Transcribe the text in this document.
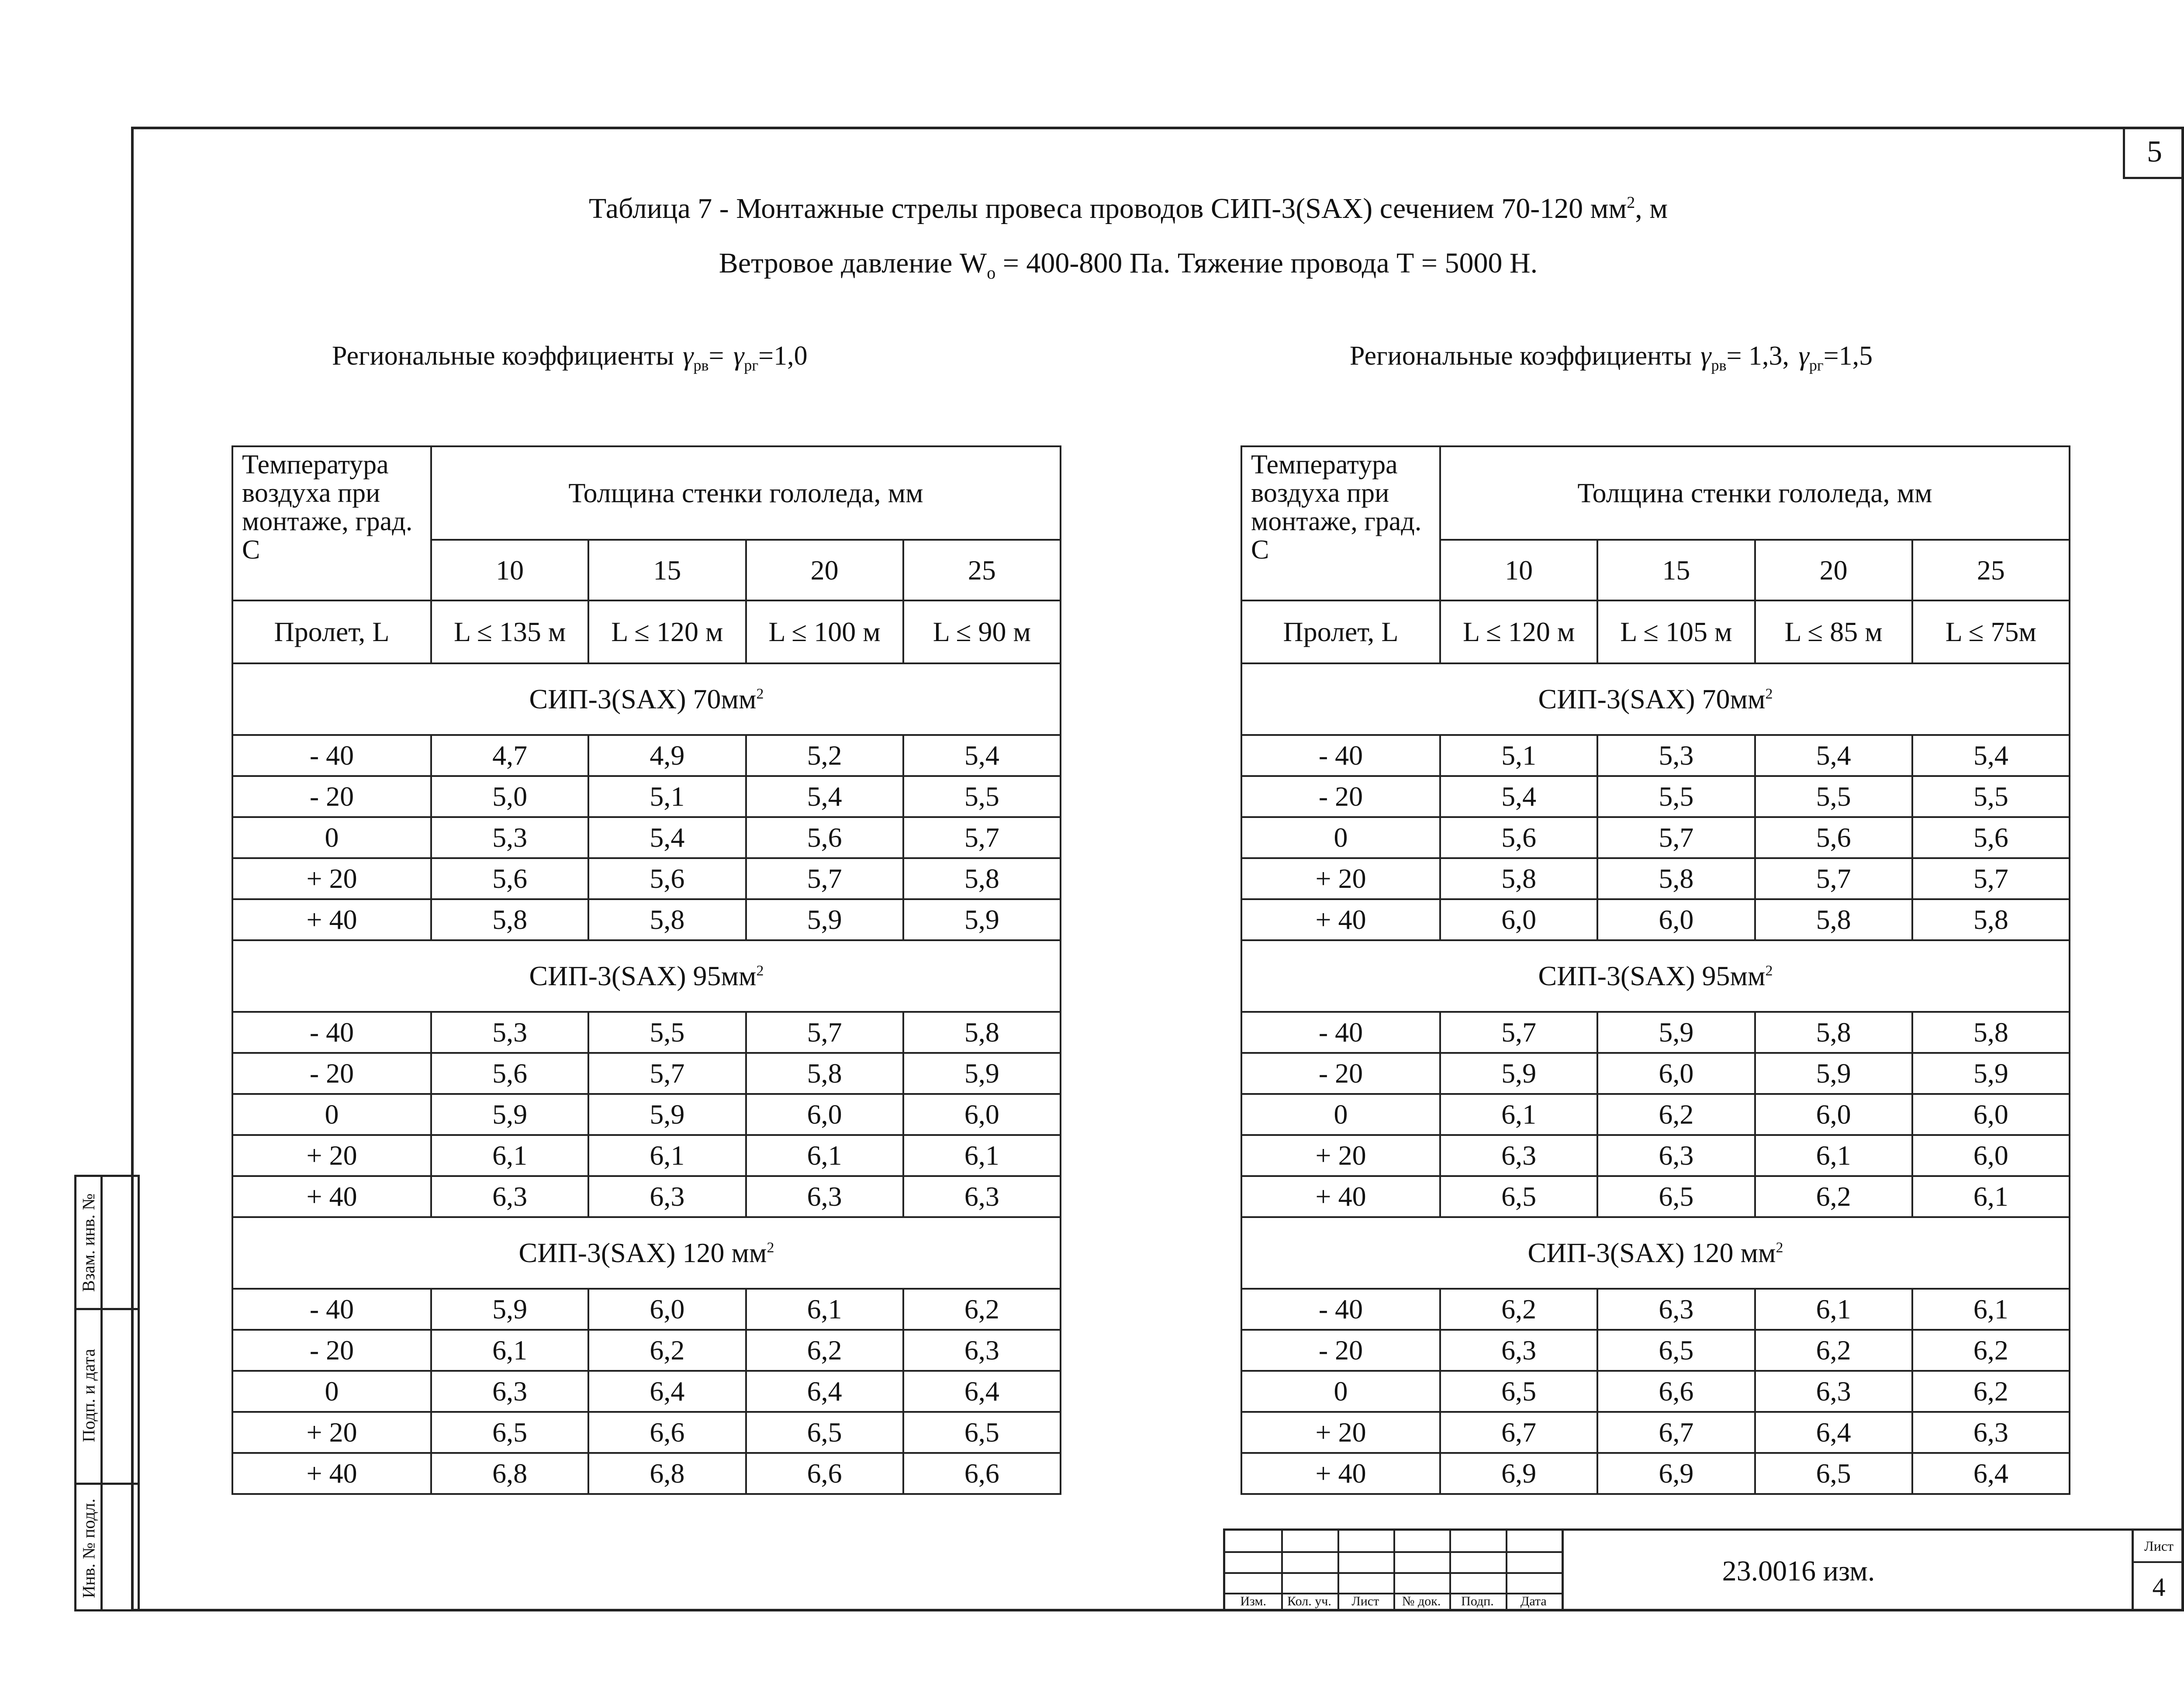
5
Таблица 7 - Монтажные стрелы провеса проводов СИП-3(SAX) сечением 70-120 $мм^2$, м
Ветровое давление $W_o = 400-800$ Па. Тяжение провода Т = 5000 Н.
Региональные коэффициенты $\gamma_{рв}= \gamma_{рг}=1,0$	Региональные коэффициенты $\gamma_{рв}= 1,3$, $\gamma_{рг}=1,5$
Температура воздуха при монтаже, град. С	Толщина стенки гололеда, мм			
	10	15	20	25
Пролет, L	L ≤ 135 м	L ≤ 120 м	L ≤ 100 м	L ≤ 90 м
СИП-3(SAX) $70мм^2$
- 40	4,7	4,9	5,2	5,4
- 20	5,0	5,1	5,4	5,5
0	5,3	5,4	5,6	5,7
+ 20	5,6	5,6	5,7	5,8
+ 40	5,8	5,8	5,9	5,9
СИП-3(SAX) $95мм^2$
- 40	5,3	5,5	5,7	5,8
- 20	5,6	5,7	5,8	5,9
0	5,9	5,9	6,0	6,0
+ 20	6,1	6,1	6,1	6,1
+ 40	6,3	6,3	6,3	6,3
СИП-3(SAX) 120 $мм^2$
- 40	5,9	6,0	6,1	6,2
- 20	6,1	6,2	6,2	6,3
0	6,3	6,4	6,4	6,4
+ 20	6,5	6,6	6,5	6,5
+ 40	6,8	6,8	6,6	6,6
Температура воздуха при монтаже, град. С	Толщина стенки гололеда, мм			
	10	15	20	25
Пролет, L	L ≤ 120 м	L ≤ 105 м	L ≤ 85 м	L ≤ 75м
СИП-3(SAX) $70мм^2$
- 40	5,1	5,3	5,4	5,4
- 20	5,4	5,5	5,5	5,5
0	5,6	5,7	5,6	5,6
+ 20	5,8	5,8	5,7	5,7
+ 40	6,0	6,0	5,8	5,8
СИП-3(SAX) $95мм^2$
- 40	5,7	5,9	5,8	5,8
- 20	5,9	6,0	5,9	5,9
0	6,1	6,2	6,0	6,0
+ 20	6,3	6,3	6,1	6,0
+ 40	6,5	6,5	6,2	6,1
СИП-3(SAX) 120 $мм^2$
- 40	6,2	6,3	6,1	6,1
- 20	6,3	6,5	6,2	6,2
0	6,5	6,6	6,3	6,2
+ 20	6,7	6,7	6,4	6,3
+ 40	6,9	6,9	6,5	6,4
Взам. инв. №
Подп. и дата
Инв. № подл.
Изм.	Кол. уч.	Лист	№ док.	Подп.	Дата
23.0016 изм.
Лист
4
